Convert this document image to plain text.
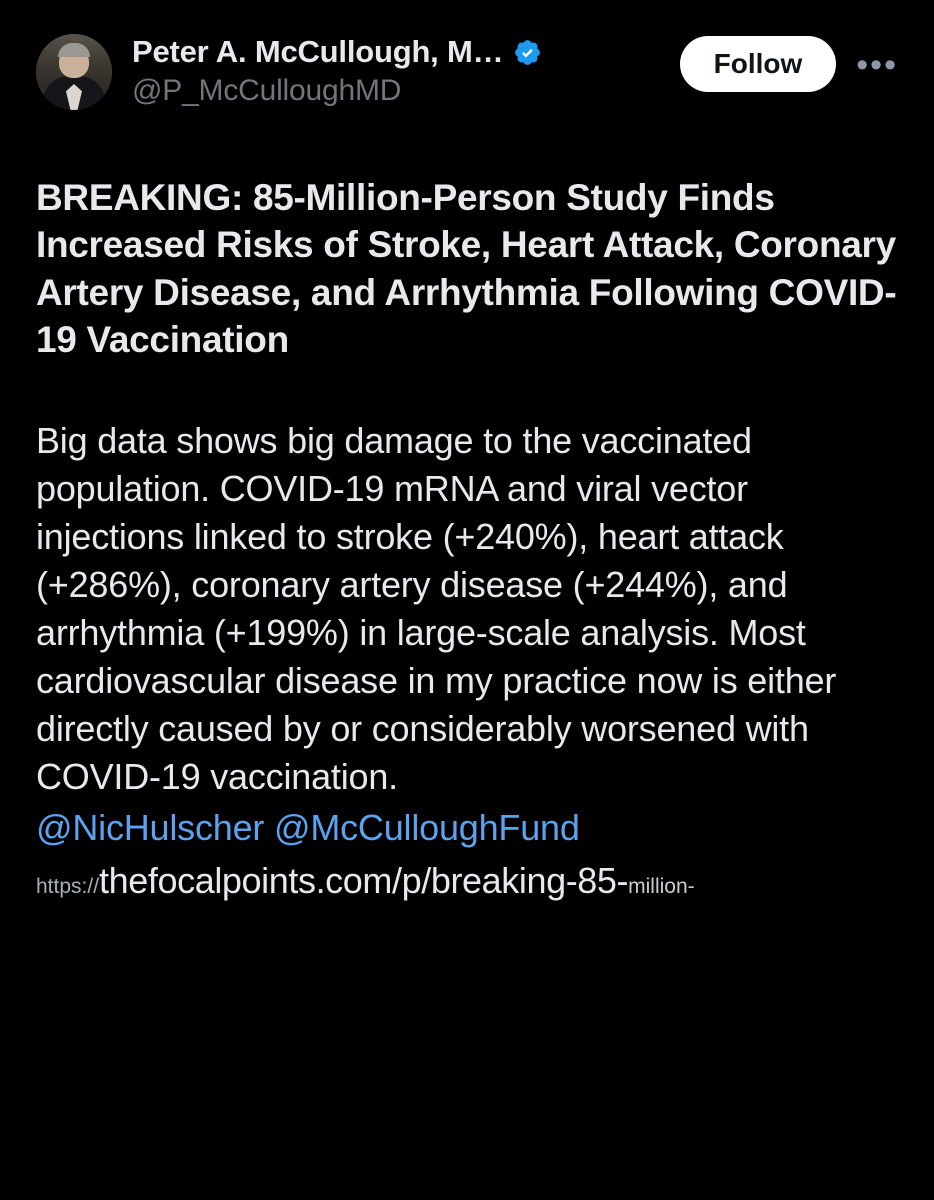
Peter A. McCullough, M…
@P_McCulloughMD
Follow	•••
BREAKING: 85-Million-Person Study Finds Increased Risks of Stroke, Heart Attack, Coronary Artery Disease, and Arrhythmia Following COVID-19 Vaccination
Big data shows big damage to the vaccinated population. COVID-19 mRNA and viral vector injections linked to stroke (+240%), heart attack (+286%), coronary artery disease (+244%), and arrhythmia (+199%) in large-scale analysis. Most cardiovascular disease in my practice now is either directly caused by or considerably worsened with COVID-19 vaccination.
@NicHulscher @McCulloughFund
https://thefocalpoints.com/p/breaking-85-million-
